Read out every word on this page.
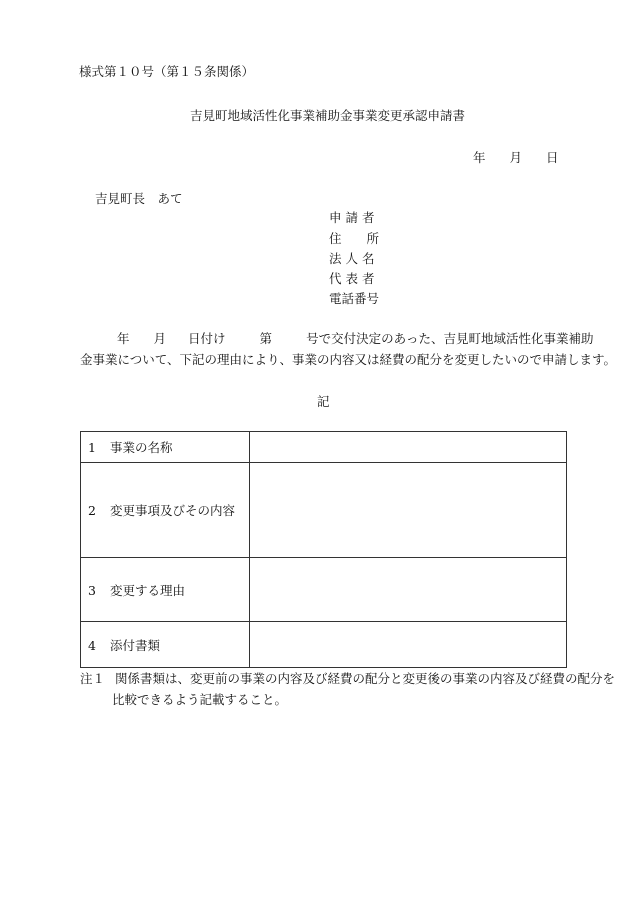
様式第１０号（第１５条関係）
吉見町地域活性化事業補助金事業変更承認申請書
年 月 日
吉見町長　あて
申 請 者
住　　所
法 人 名
代 表 者
電話番号
年 月 日付け	第	号で交付決定のあった、吉見町地域活性化事業補助
金事業について、下記の理由により、事業の内容又は経費の配分を変更したいので申請します。
記
1 事業の名称	
2 変更事項及びその内容	
3 変更する理由	
4 添付書類	
注１ 関係書類は、変更前の事業の内容及び経費の配分と変更後の事業の内容及び経費の配分を
比較できるよう記載すること。
